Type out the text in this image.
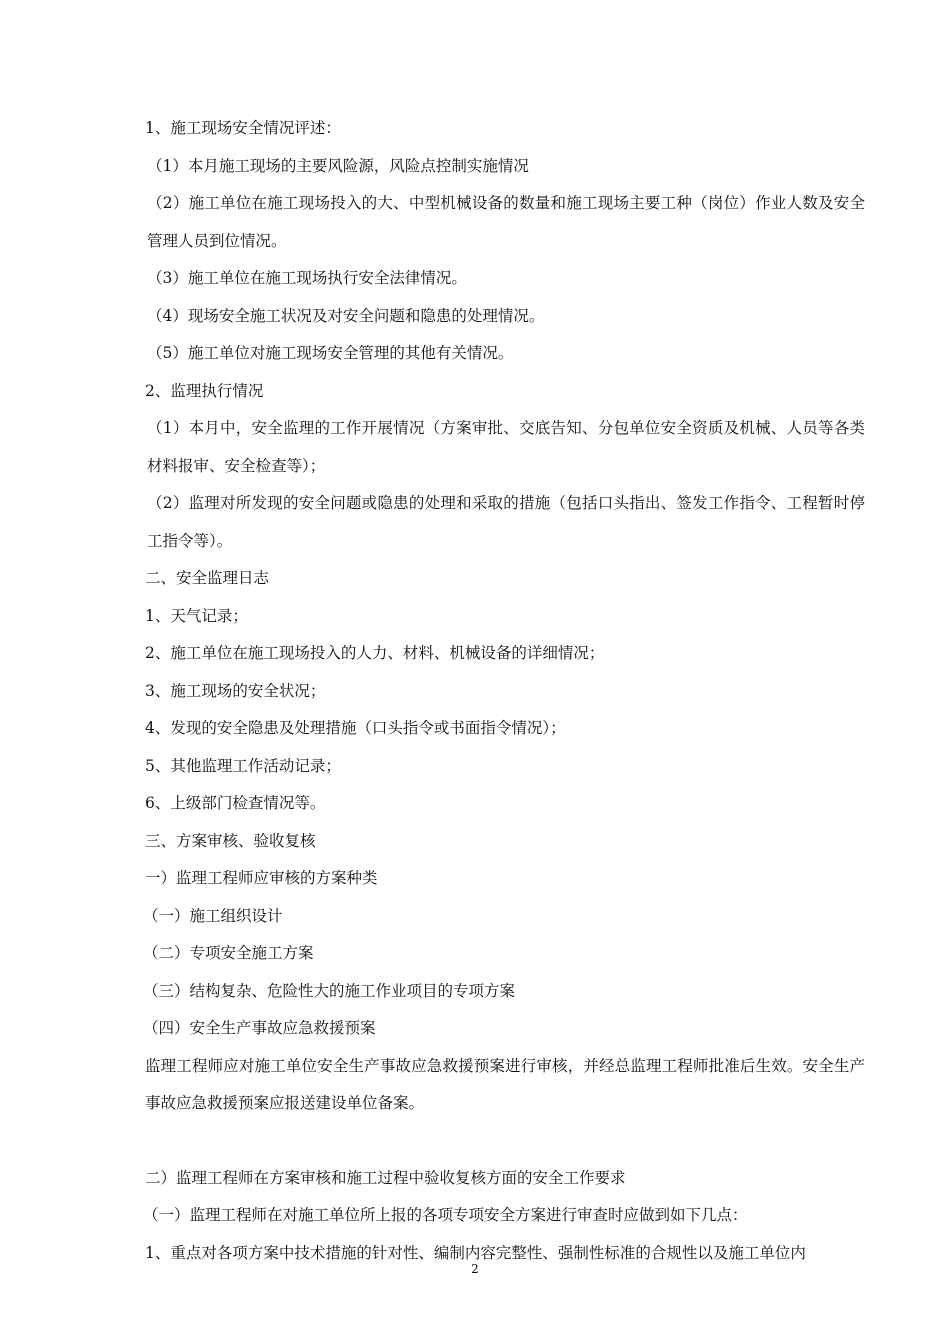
1、施工现场安全情况评述：

（1）本月施工现场的主要风险源，风险点控制实施情况

（2）施工单位在施工现场投入的大、中型机械设备的数量和施工现场主要工种（岗位）作业人数及安全管理人员到位情况。

（3）施工单位在施工现场执行安全法律情况。

（4）现场安全施工状况及对安全问题和隐患的处理情况。

（5）施工单位对施工现场安全管理的其他有关情况。

2、监理执行情况

（1）本月中，安全监理的工作开展情况（方案审批、交底告知、分包单位安全资质及机械、人员等各类材料报审、安全检查等）；

（2）监理对所发现的安全问题或隐患的处理和采取的措施（包括口头指出、签发工作指令、工程暂时停工指令等）。

二、安全监理日志

1、天气记录；

2、施工单位在施工现场投入的人力、材料、机械设备的详细情况；

3、施工现场的安全状况；

4、发现的安全隐患及处理措施（口头指令或书面指令情况）；

5、其他监理工作活动记录；

6、上级部门检查情况等。

三、方案审核、验收复核

一）监理工程师应审核的方案种类

（一）施工组织设计

（二）专项安全施工方案

（三）结构复杂、危险性大的施工作业项目的专项方案

（四）安全生产事故应急救援预案

监理工程师应对施工单位安全生产事故应急救援预案进行审核，并经总监理工程师批准后生效。安全生产事故应急救援预案应报送建设单位备案。

二）监理工程师在方案审核和施工过程中验收复核方面的安全工作要求

（一）监理工程师在对施工单位所上报的各项专项安全方案进行审查时应做到如下几点：

1、重点对各项方案中技术措施的针对性、编制内容完整性、强制性标准的合规性以及施工单位内

2
